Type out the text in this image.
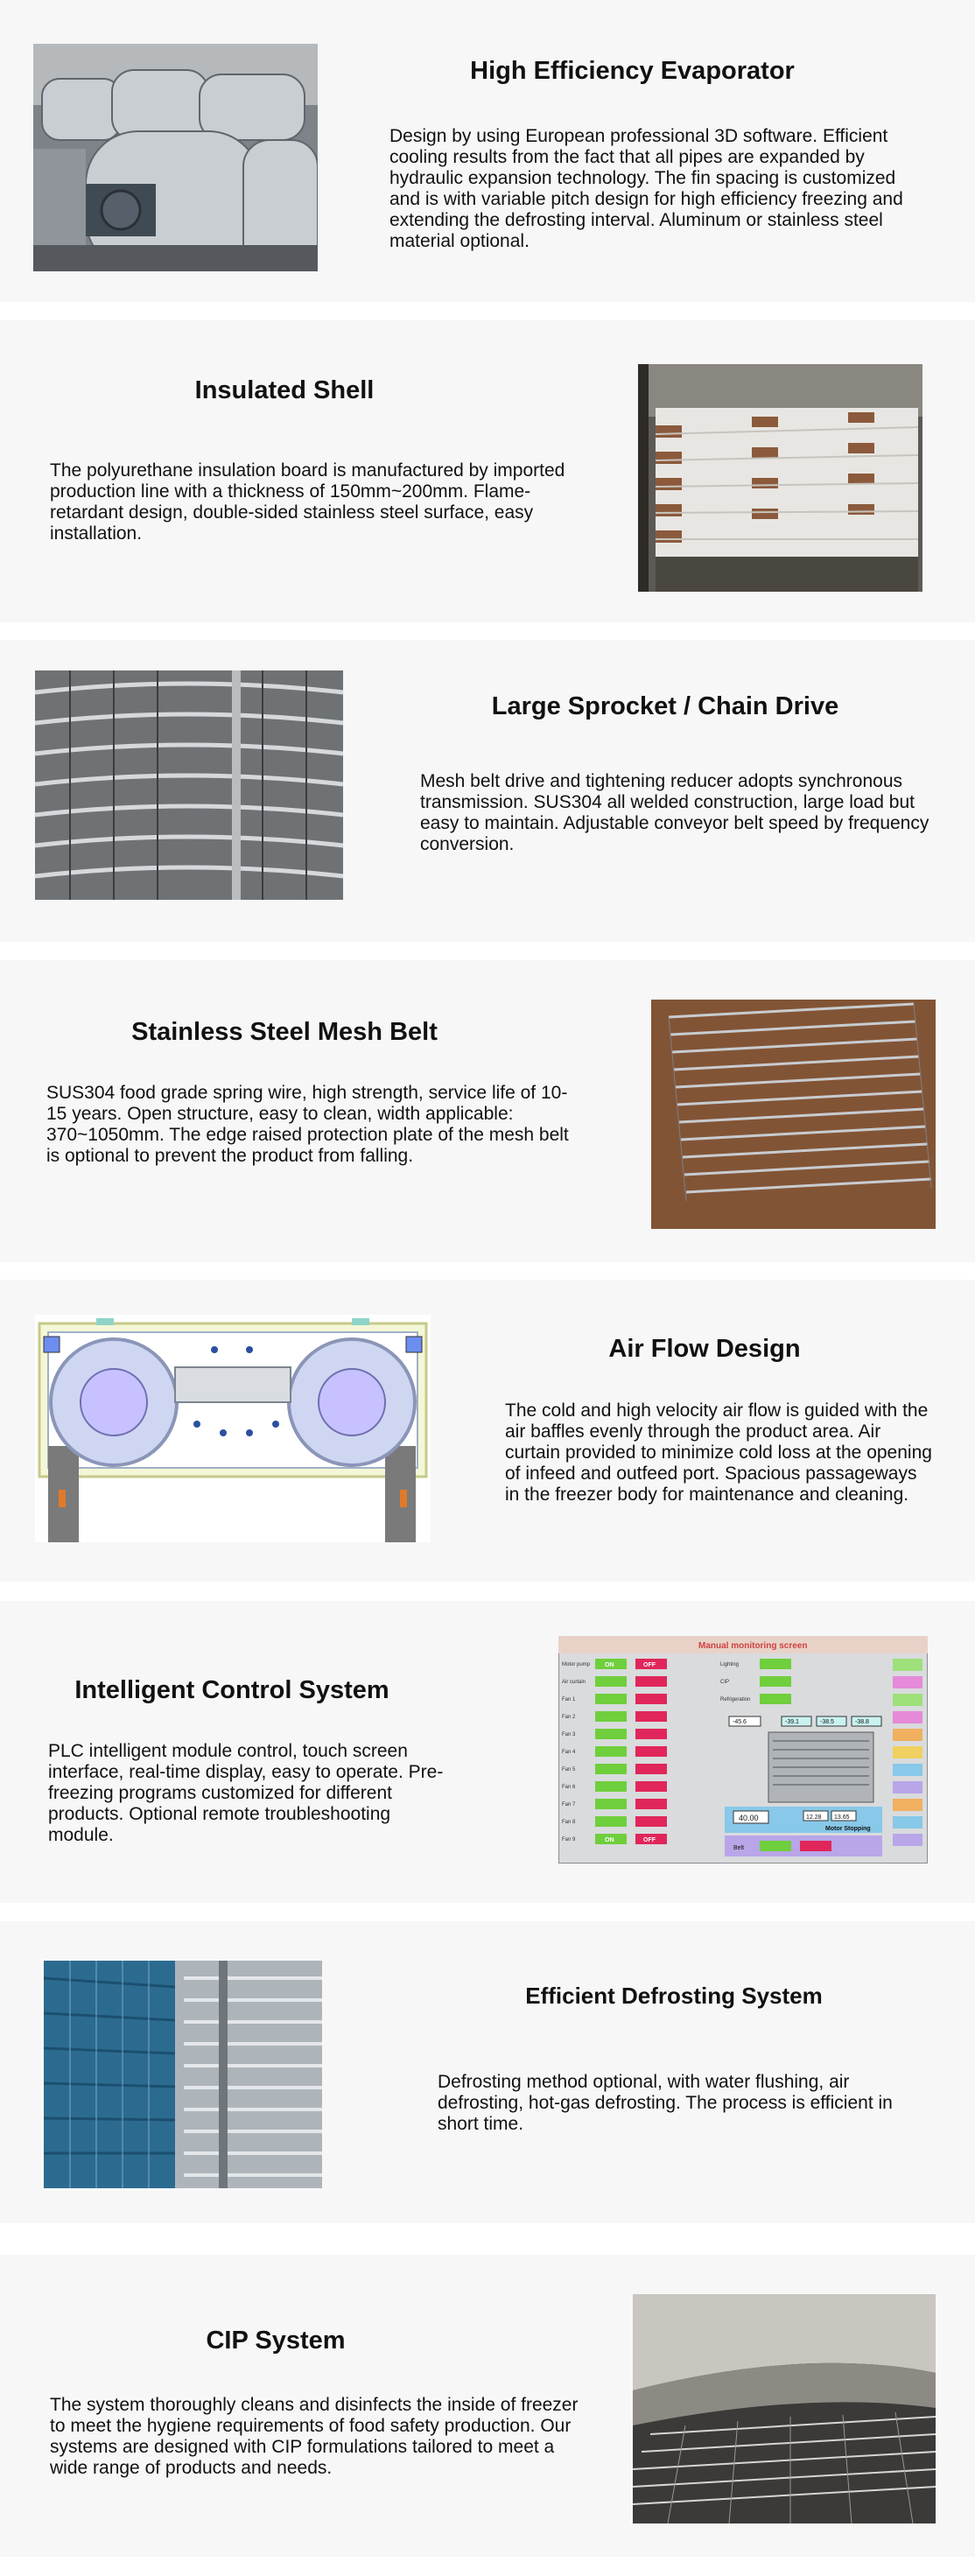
High Efficiency Evaporator

Design by using European professional 3D software. Efficient cooling results from the fact that all pipes are expanded by hydraulic expansion technology. The fin spacing is customized and is with variable pitch design for high efficiency freezing and extending the defrosting interval. Aluminum or stainless steel material optional.

Insulated Shell

The polyurethane insulation board is manufactured by imported production line with a thickness of 150mm~200mm. Flame-retardant design, double-sided stainless steel surface, easy installation.

Large Sprocket / Chain Drive

Mesh belt drive and tightening reducer adopts synchronous transmission. SUS304 all welded construction, large load but easy to maintain. Adjustable conveyor belt speed by frequency conversion.

Stainless Steel Mesh Belt

SUS304 food grade spring wire, high strength, service life of 10-15 years. Open structure, easy to clean, width applicable: 370~1050mm. The edge raised protection plate of the mesh belt is optional to prevent the product from falling.

Air Flow Design

The cold and high velocity air flow is guided with the air baffles evenly through the product area. Air curtain provided to minimize cold loss at the opening of infeed and outfeed port. Spacious passageways in the freezer body for maintenance and cleaning.

Intelligent Control System

PLC intelligent module control, touch screen interface, real-time display, easy to operate. Pre-freezing programs customized for different products. Optional remote troubleshooting module.

Manual monitoring screen
Motor pump
Air curtain
Fan 1
Fan 2
Fan 3
Fan 4
Fan 5
Fan 6
Fan 7
Fan 8
Fan 9
ON	OFF
ON	OFF
Lighting
CIP
Refrigeration
-45.6	-39.1	-38.5	-38.8
40.00	12.28 13.65
Motor Stopping
Belt
Efficient Defrosting System

Defrosting method optional, with water flushing, air defrosting, hot-gas defrosting. The process is efficient in short time.

CIP System

The system thoroughly cleans and disinfects the inside of freezer to meet the hygiene requirements of food safety production. Our systems are designed with CIP formulations tailored to meet a wide range of products and needs.
